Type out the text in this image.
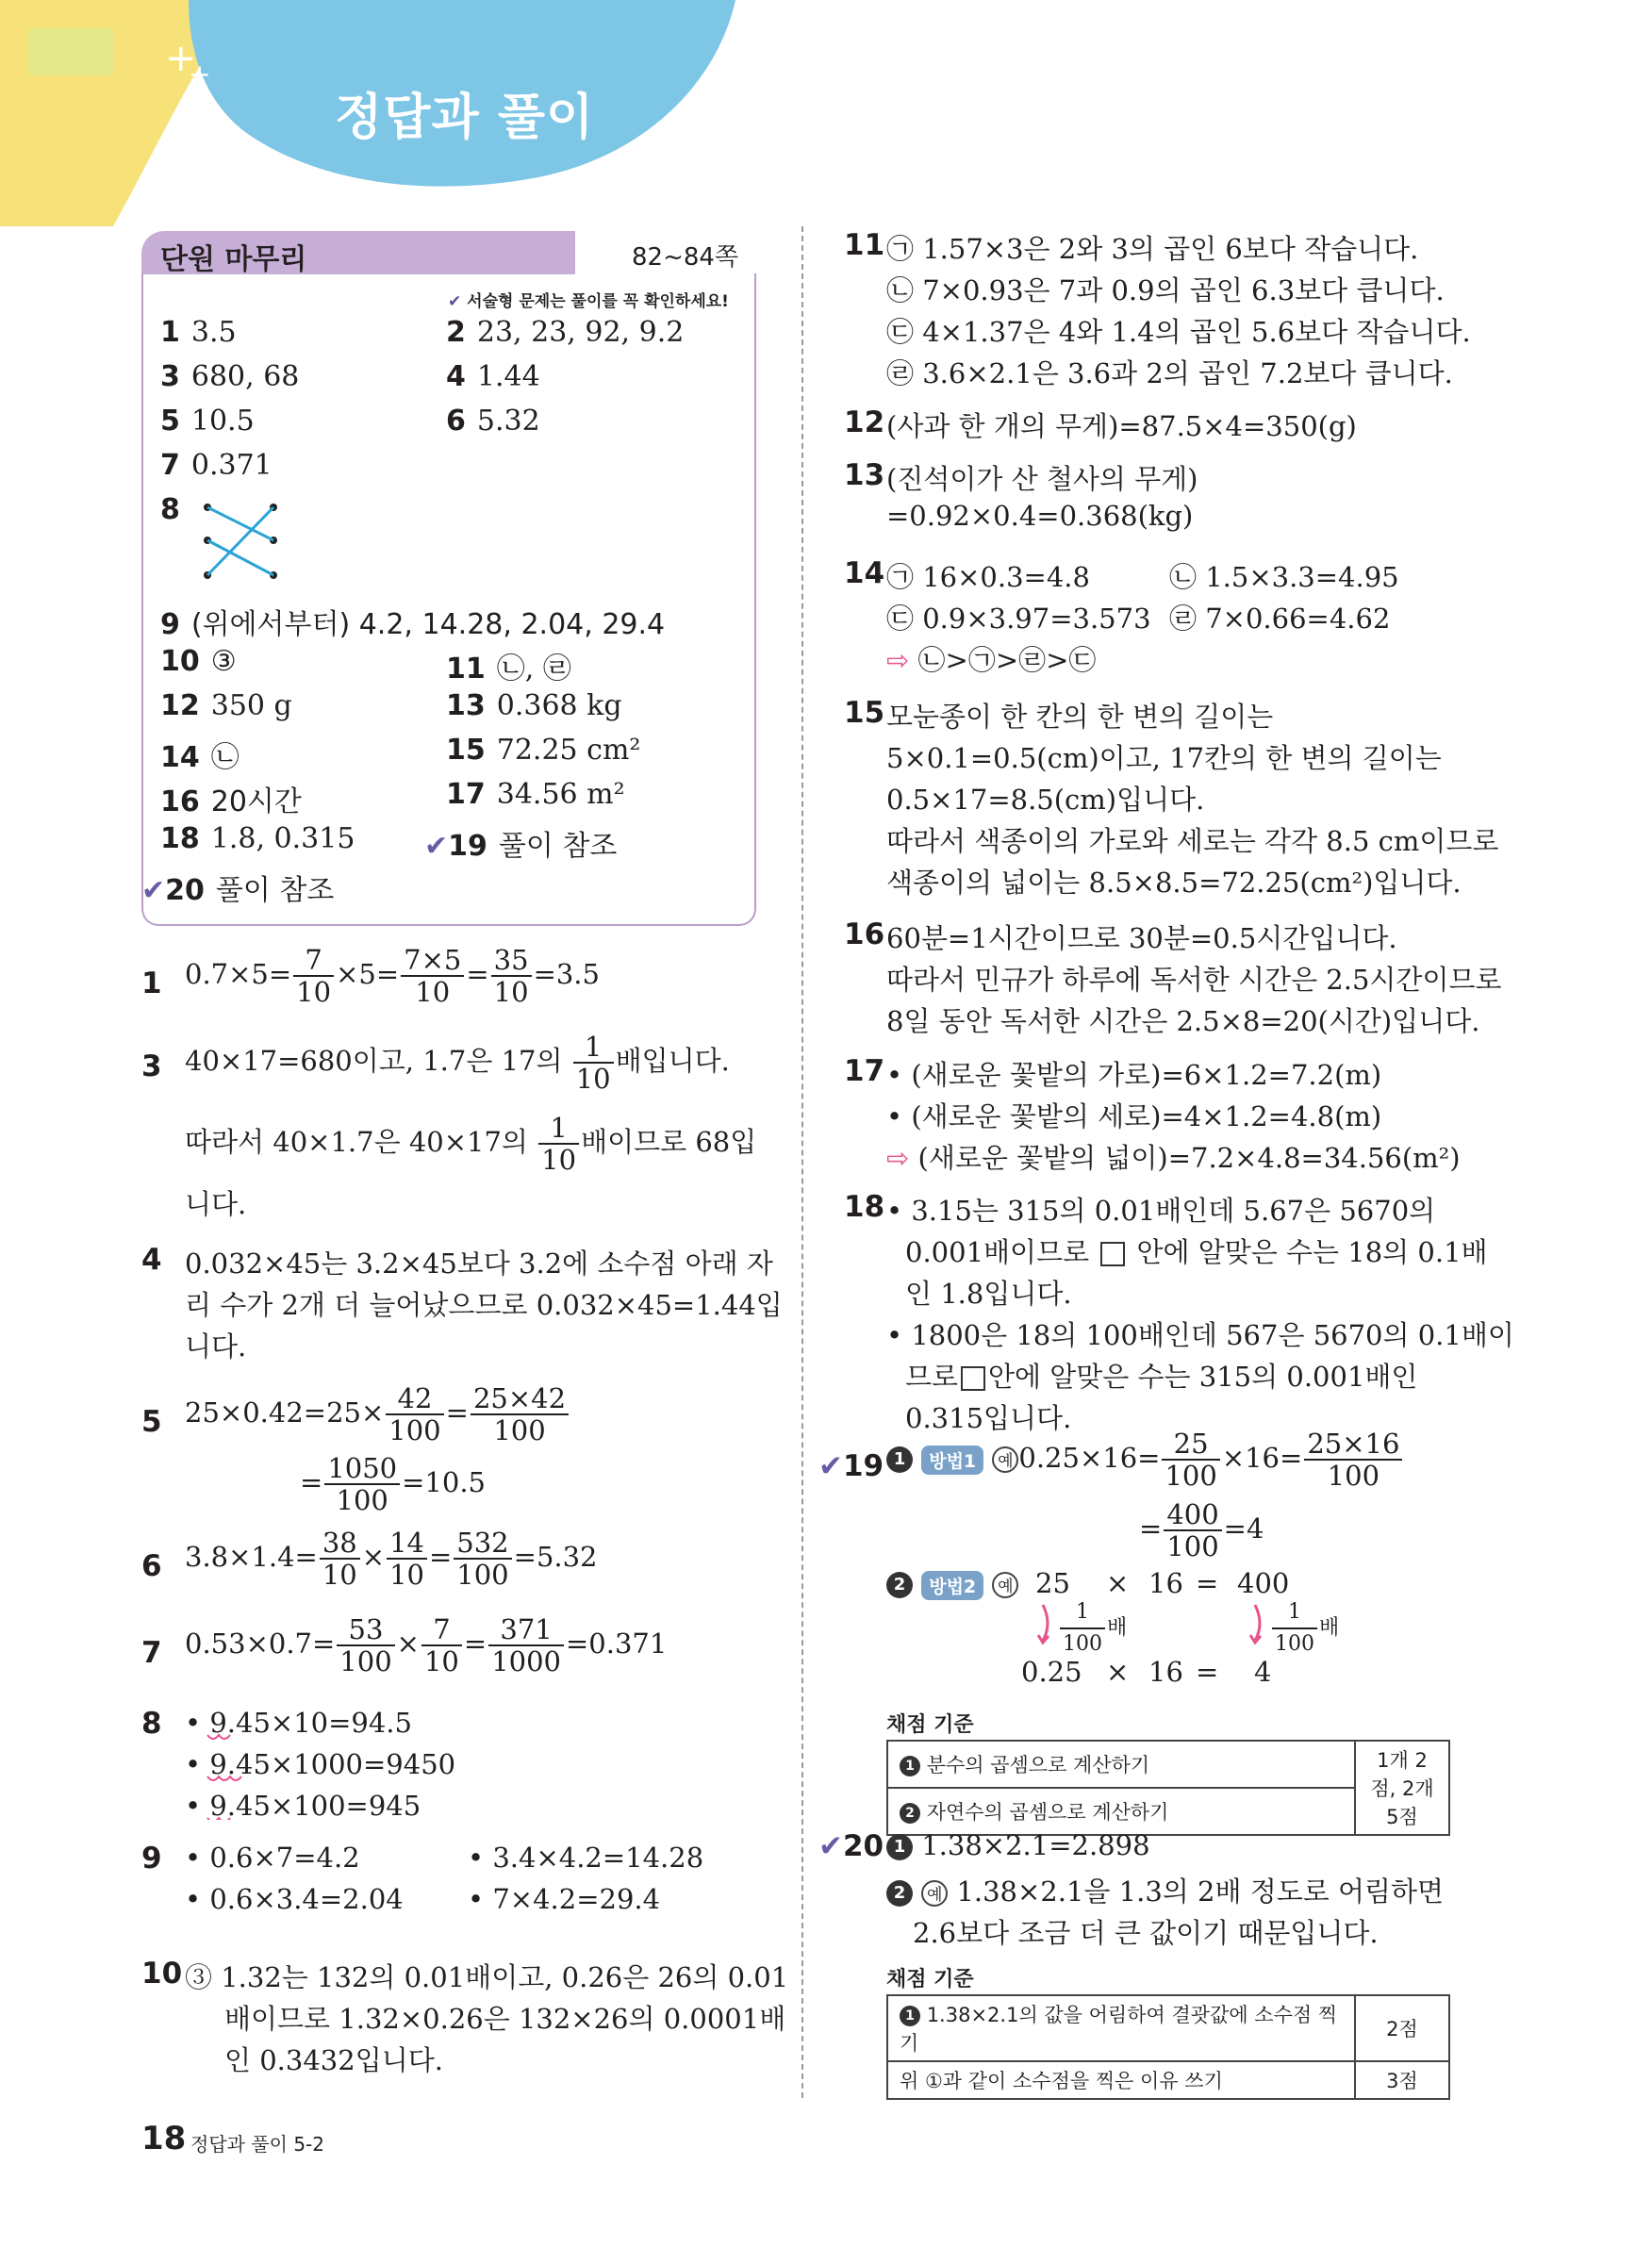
+
+
정답과 풀이
단원 마무리	82~84쪽
✔ 서술형 문제는 풀이를 꼭 확인하세요!
1 3.5	2 23, 23, 92, 9.2
3 680, 68	4 1.44
5 10.5	6 5.32
7 0.371
8
9 (위에서부터) 4.2, 14.28, 2.04, 29.4
10 ③	11 ㉡, ㉣
12 350 g	13 0.368 kg
14 ㉡	15 72.25 cm²
16 20시간	17 34.56 m²
18 1.8, 0.315 ✔19 풀이 참조
✔20 풀이 참조
1 $0.7\times 5= \frac{7}{10} \times 5= \frac{7\times 5}{10} = \frac{35}{10} =3.5$
3 40×17=680이고, 1.7은 17의 $\frac{1}{10}$ 배입니다.
따라서 40×1.7은 40×17의 $\frac{1}{10}$ 배이므로 68입
니다.
4 0.032×45는 3.2×45보다 3.2에 소수점 아래 자
리 수가 2개 더 늘어났으므로 0.032×45=1.44입
니다.
5 $25\times 0.42=25\times \frac{42}{100} = \frac{25\times 42}{100}$
= $\frac{1050}{100} =10.5$
6 $3.8\times 1.4= \frac{38}{10} \times \frac{14}{10} = \frac{532}{100} =5.32$
7 $0.53\times 0.7= \frac{53}{100} \times \frac{7}{10} = \frac{371}{1000} =0.371$
8 • 9.45×10=94.5
• 9.45×1000=9450
• 9.45×100=945
9 • 0.6×7=4.2	• 3.4×4.2=14.28
• 0.6×3.4=2.04 • 7×4.2=29.4
10 ③ 1.32는 132의 0.01배이고, 0.26은 26의 0.01
배이므로 1.32×0.26은 132×26의 0.0001배
인 0.3432입니다.
11 ㉠ 1.57×3은 2와 3의 곱인 6보다 작습니다.
㉡ 7×0.93은 7과 0.9의 곱인 6.3보다 큽니다.
㉢ 4×1.37은 4와 1.4의 곱인 5.6보다 작습니다.
㉣ 3.6×2.1은 3.6과 2의 곱인 7.2보다 큽니다.
12 (사과 한 개의 무게)=87.5×4=350(g)
13 (진석이가 산 철사의 무게)
=0.92×0.4=0.368(kg)
14 ㉠ 16×0.3=4.8	㉡ 1.5×3.3=4.95
㉢ 0.9×3.97=3.573 ㉣ 7×0.66=4.62
⇨ ㉡>㉠>㉣>㉢
15 모눈종이 한 칸의 한 변의 길이는
5×0.1=0.5(cm)이고, 17칸의 한 변의 길이는
0.5×17=8.5(cm)입니다.
따라서 색종이의 가로와 세로는 각각 8.5 cm이므로
색종이의 넓이는 8.5×8.5=72.25(cm²)입니다.
16 60분=1시간이므로 30분=0.5시간입니다.
따라서 민규가 하루에 독서한 시간은 2.5시간이므로
8일 동안 독서한 시간은 2.5×8=20(시간)입니다.
17 • (새로운 꽃밭의 가로)=6×1.2=7.2(m)
• (새로운 꽃밭의 세로)=4×1.2=4.8(m)
⇨ (새로운 꽃밭의 넓이)=7.2×4.8=34.56(m²)
18 • 3.15는 315의 0.01배인데 5.67은 5670의
0.001배이므로 안에 알맞은 수는 18의 0.1배
인 1.8입니다.
• 1800은 18의 100배인데 567은 5670의 0.1배이
므로 안에 알맞은 수는 315의 0.001배인
0.315입니다.
✔19 1 방법1 예 $0.25\times 16= \frac{25}{100} \times 16= \frac{25\times 16}{100}$
= $\frac{400}{100} =4$
2 방법2 예 25 × 16 = 400
$\frac{1}{100}$ 배	$\frac{1}{100}$ 배
0.25 × 16 = 4
채점 기준
1 분수의 곱셈으로 계산하기	1개 2점, 2개 5점
2 자연수의 곱셈으로 계산하기
✔20 1 1.38×2.1=2.898
2 예 1.38×2.1을 1.3의 2배 정도로 어림하면
2.6보다 조금 더 큰 값이기 때문입니다.
채점 기준
1 1.38×2.1의 값을 어림하여 결괏값에 소수점 찍기	2점
위 ①과 같이 소수점을 찍은 이유 쓰기	3점
18 정답과 풀이 5-2
